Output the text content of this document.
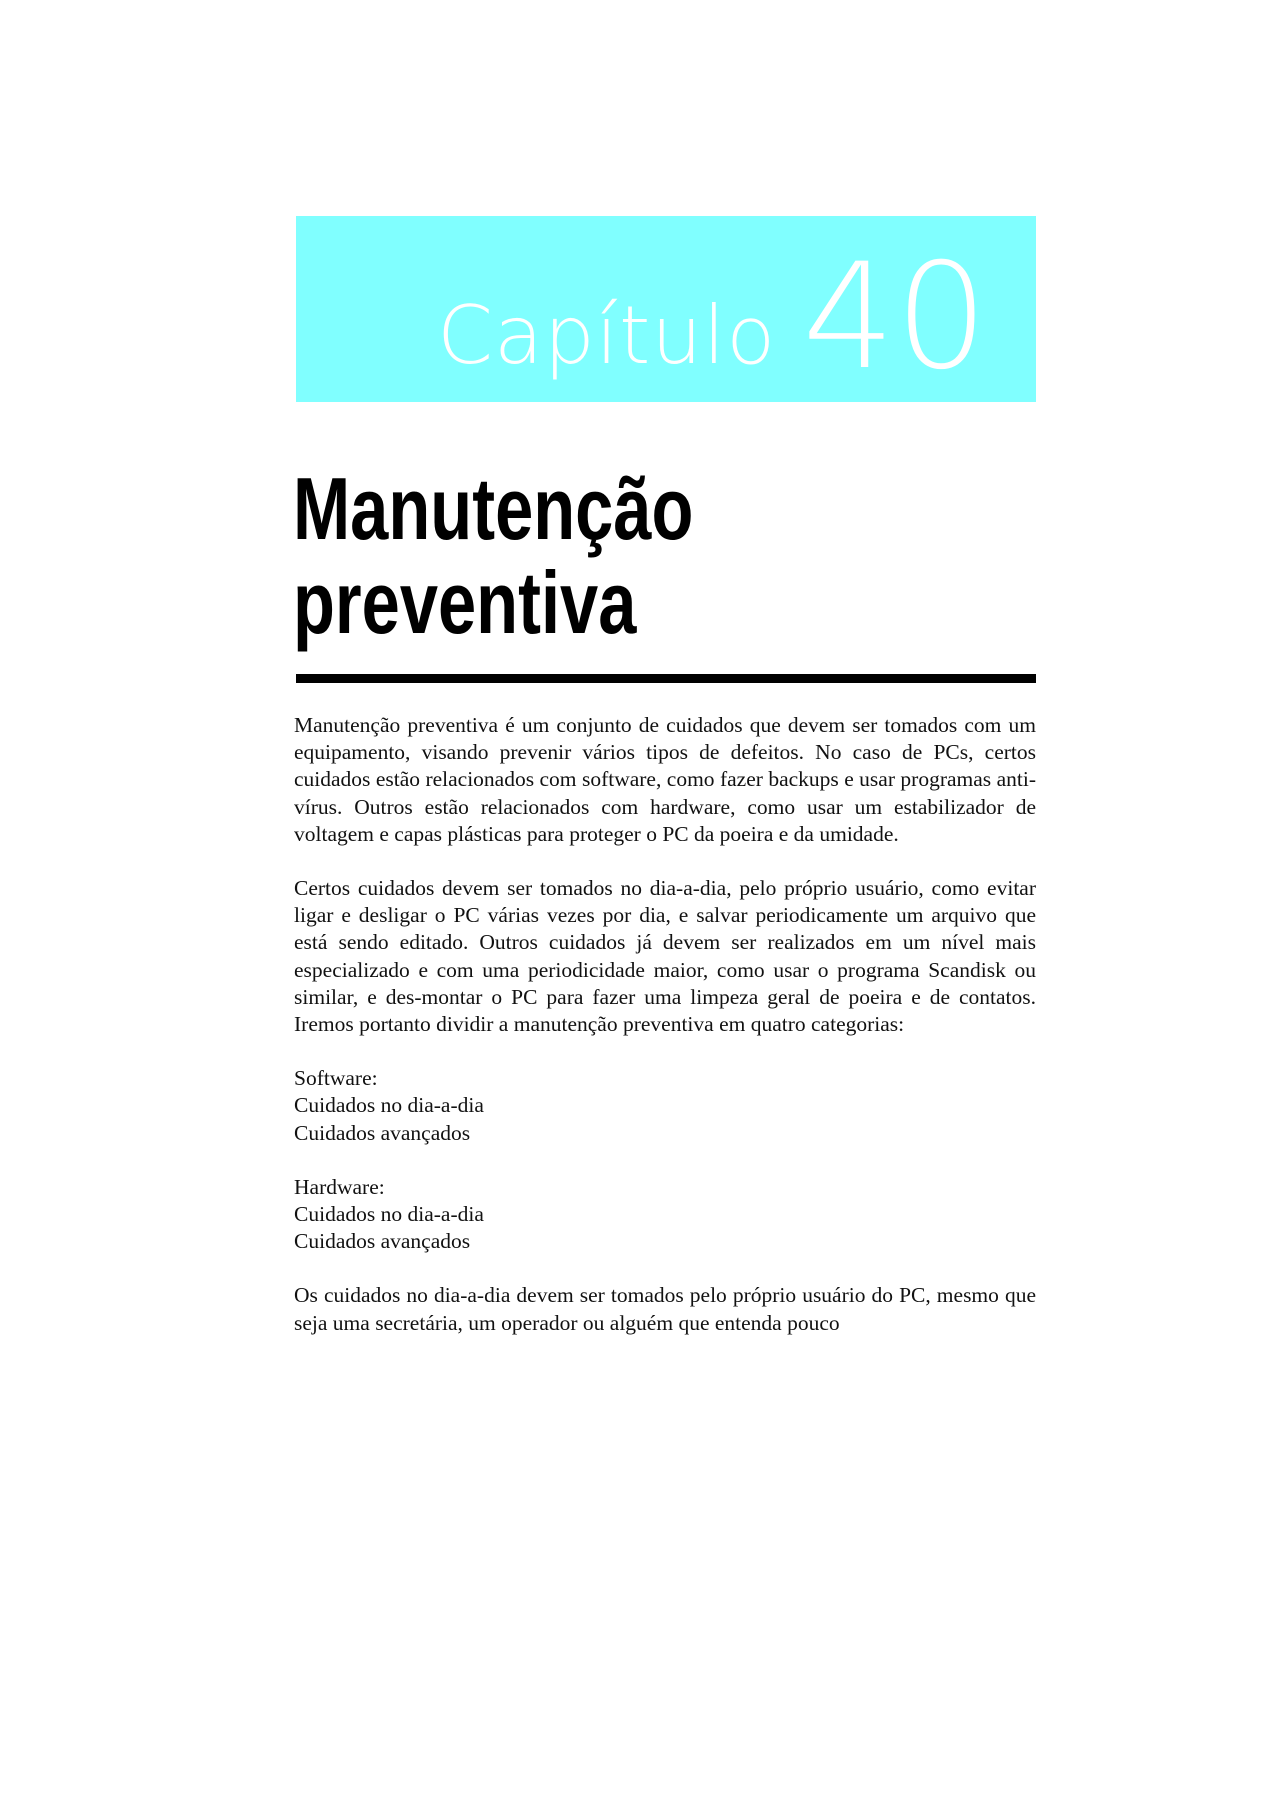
Capítulo 40
Manutenção
preventiva

Manutenção preventiva é um conjunto de cuidados que devem ser tomados com um equipamento, visando prevenir vários tipos de defeitos. No caso de PCs, certos cuidados estão relacionados com software, como fazer backups e usar programas anti-vírus. Outros estão relacionados com hardware, como usar um estabilizador de voltagem e capas plásticas para proteger o PC da poeira e da umidade.

Certos cuidados devem ser tomados no dia-a-dia, pelo próprio usuário, como evitar ligar e desligar o PC várias vezes por dia, e salvar periodicamente um arquivo que está sendo editado. Outros cuidados já devem ser realizados em um nível mais especializado e com uma periodicidade maior, como usar o programa Scandisk ou similar, e des-montar o PC para fazer uma limpeza geral de poeira e de contatos. Iremos portanto dividir a manutenção preventiva em quatro categorias:

Software:
Cuidados no dia-a-dia
Cuidados avançados
Hardware:
Cuidados no dia-a-dia
Cuidados avançados

Os cuidados no dia-a-dia devem ser tomados pelo próprio usuário do PC, mesmo que seja uma secretária, um operador ou alguém que entenda pouco
